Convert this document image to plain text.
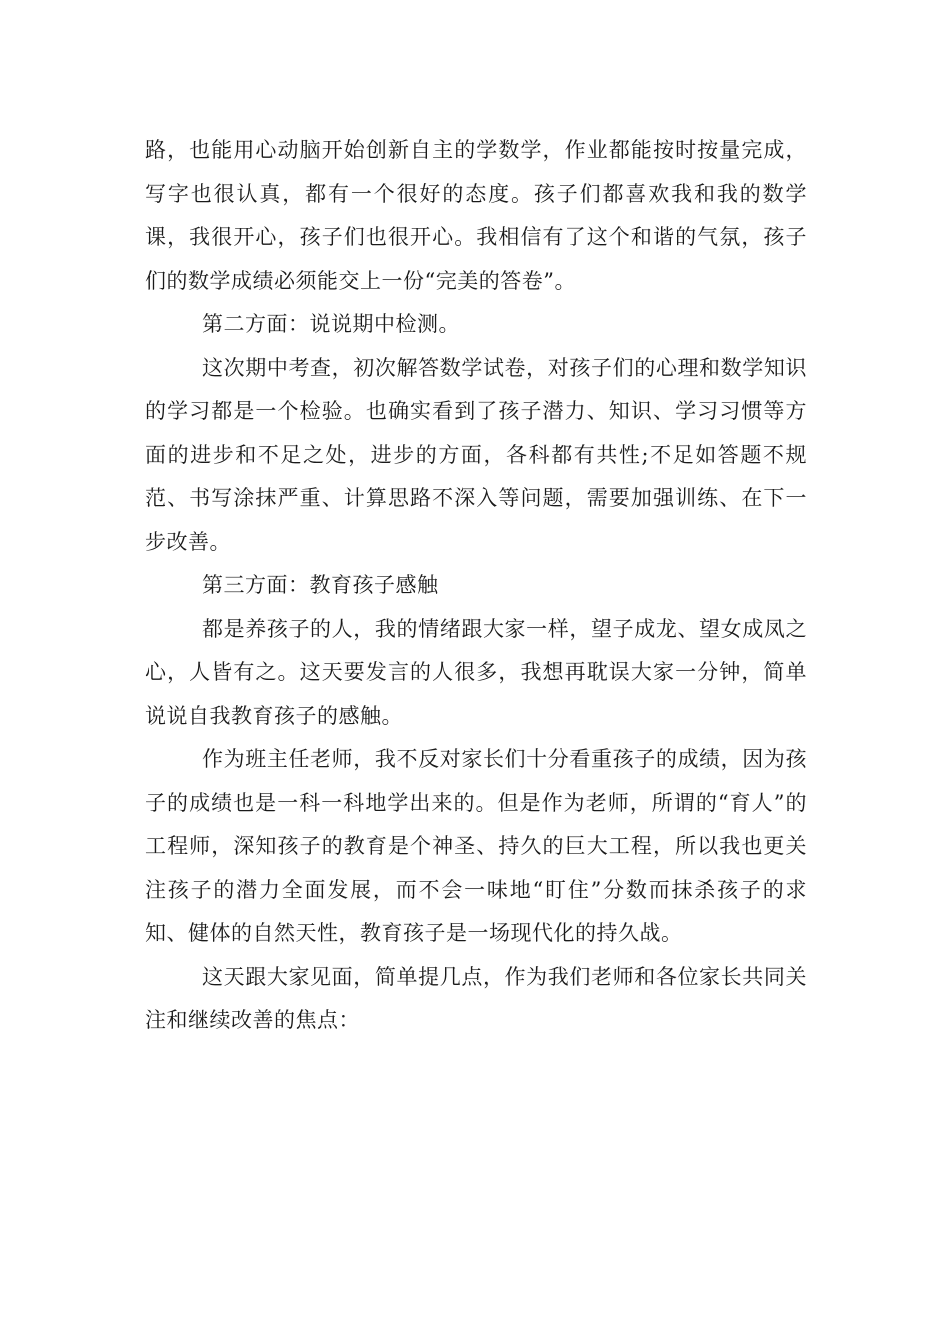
路，也能用心动脑开始创新自主的学数学，作业都能按时按量完成，写字也很认真，都有一个很好的态度。孩子们都喜欢我和我的数学课，我很开心，孩子们也很开心。我相信有了这个和谐的气氛，孩子们的数学成绩必须能交上一份“完美的答卷”。

第二方面：说说期中检测。

这次期中考查，初次解答数学试卷，对孩子们的心理和数学知识的学习都是一个检验。也确实看到了孩子潜力、知识、学习习惯等方面的进步和不足之处，进步的方面，各科都有共性;不足如答题不规范、书写涂抹严重、计算思路不深入等问题，需要加强训练、在下一步改善。

第三方面：教育孩子感触

都是养孩子的人，我的情绪跟大家一样，望子成龙、望女成凤之心，人皆有之。这天要发言的人很多，我想再耽误大家一分钟，简单说说自我教育孩子的感触。

作为班主任老师，我不反对家长们十分看重孩子的成绩，因为孩子的成绩也是一科一科地学出来的。但是作为老师，所谓的“育人”的工程师，深知孩子的教育是个神圣、持久的巨大工程，所以我也更关注孩子的潜力全面发展，而不会一味地“盯住”分数而抹杀孩子的求知、健体的自然天性，教育孩子是一场现代化的持久战。

这天跟大家见面，简单提几点，作为我们老师和各位家长共同关注和继续改善的焦点：
